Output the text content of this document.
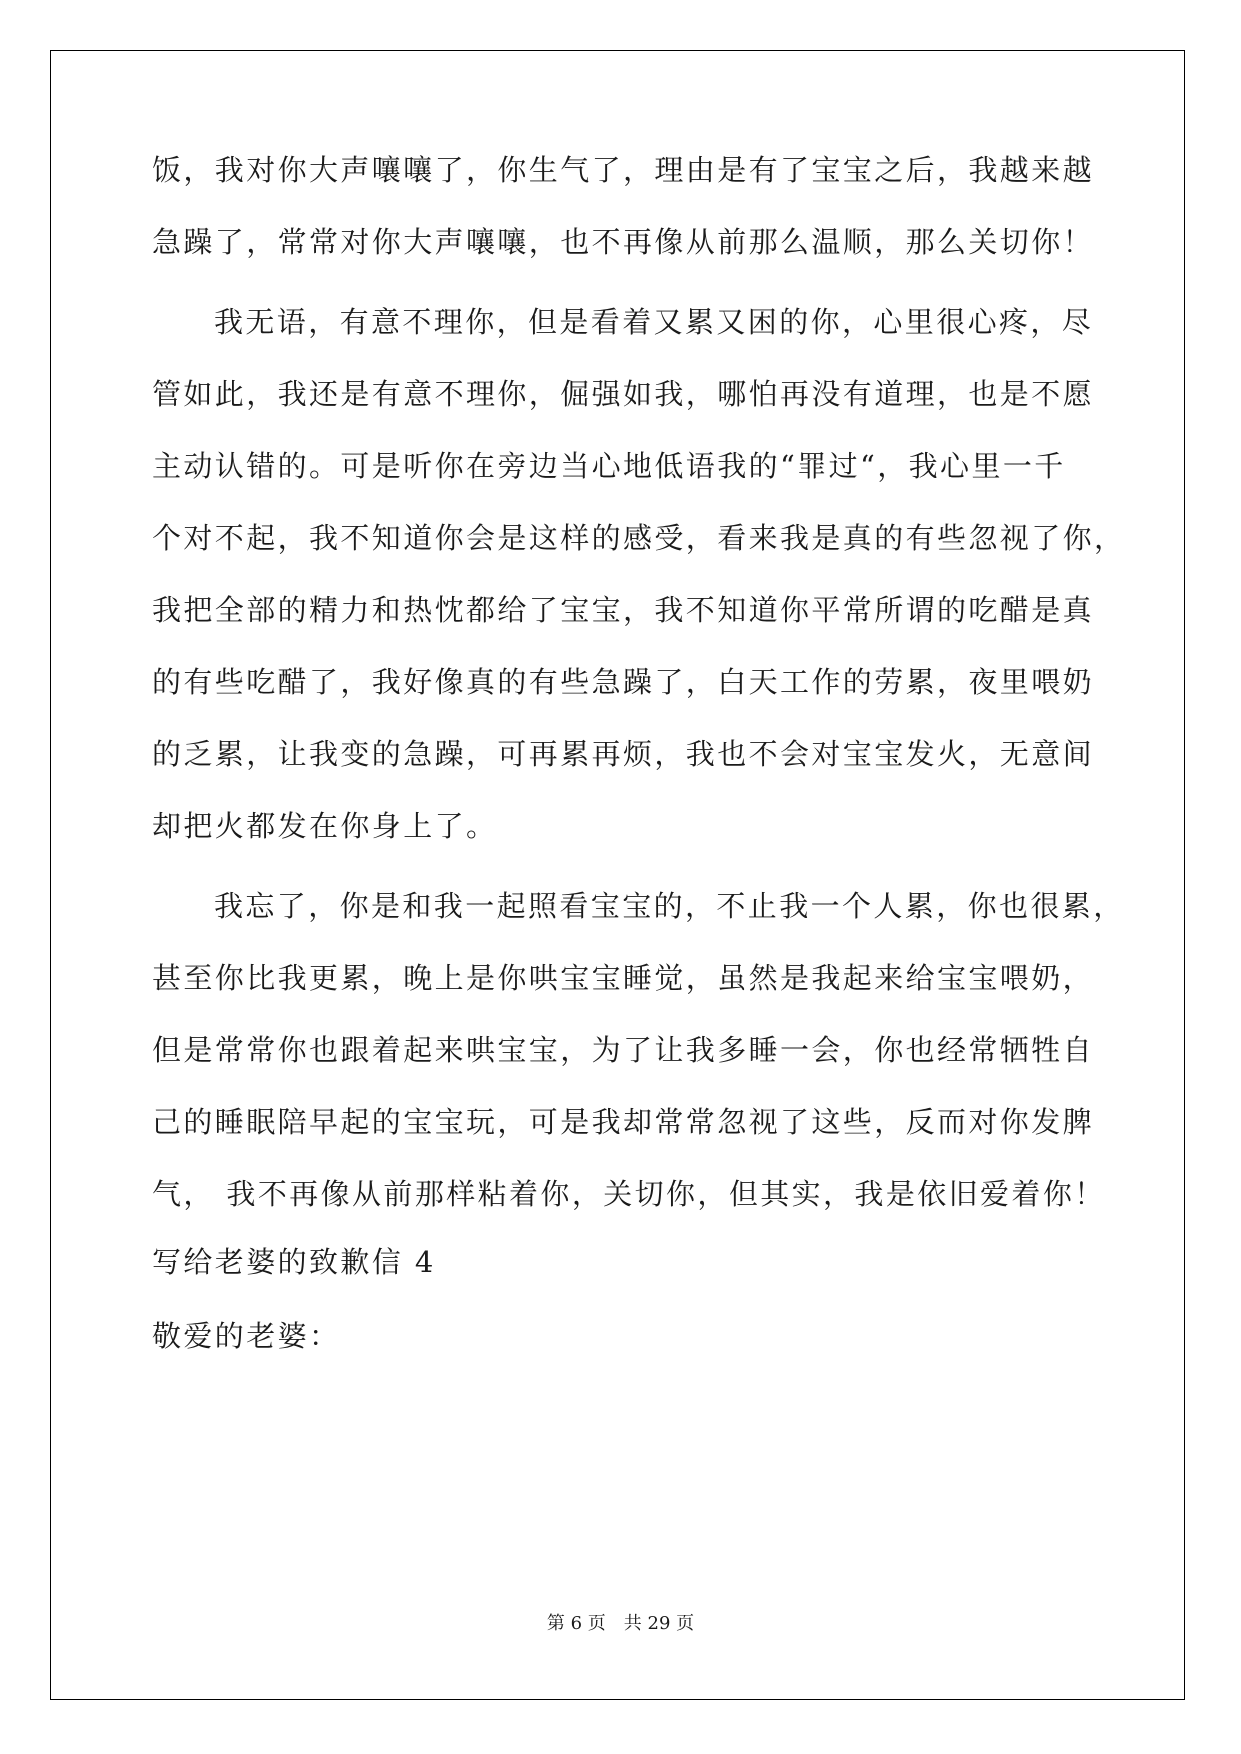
饭，我对你大声嚷嚷了，你生气了，理由是有了宝宝之后，我越来越
急躁了，常常对你大声嚷嚷，也不再像从前那么温顺，那么关切你！
我无语，有意不理你，但是看着又累又困的你，心里很心疼，尽
管如此，我还是有意不理你，倔强如我，哪怕再没有道理，也是不愿
主动认错的。可是听你在旁边当心地低语我的“罪过“，我心里一千
个对不起，我不知道你会是这样的感受，看来我是真的有些忽视了你，
我把全部的精力和热忱都给了宝宝，我不知道你平常所谓的吃醋是真
的有些吃醋了，我好像真的有些急躁了，白天工作的劳累，夜里喂奶
的乏累，让我变的急躁，可再累再烦，我也不会对宝宝发火，无意间
却把火都发在你身上了。
我忘了，你是和我一起照看宝宝的，不止我一个人累，你也很累，
甚至你比我更累，晚上是你哄宝宝睡觉，虽然是我起来给宝宝喂奶，
但是常常你也跟着起来哄宝宝，为了让我多睡一会，你也经常牺牲自
己的睡眠陪早起的宝宝玩，可是我却常常忽视了这些，反而对你发脾
气， 我不再像从前那样粘着你，关切你，但其实，我是依旧爱着你！
写给老婆的致歉信 4
敬爱的老婆：
第 6 页 共 29 页
